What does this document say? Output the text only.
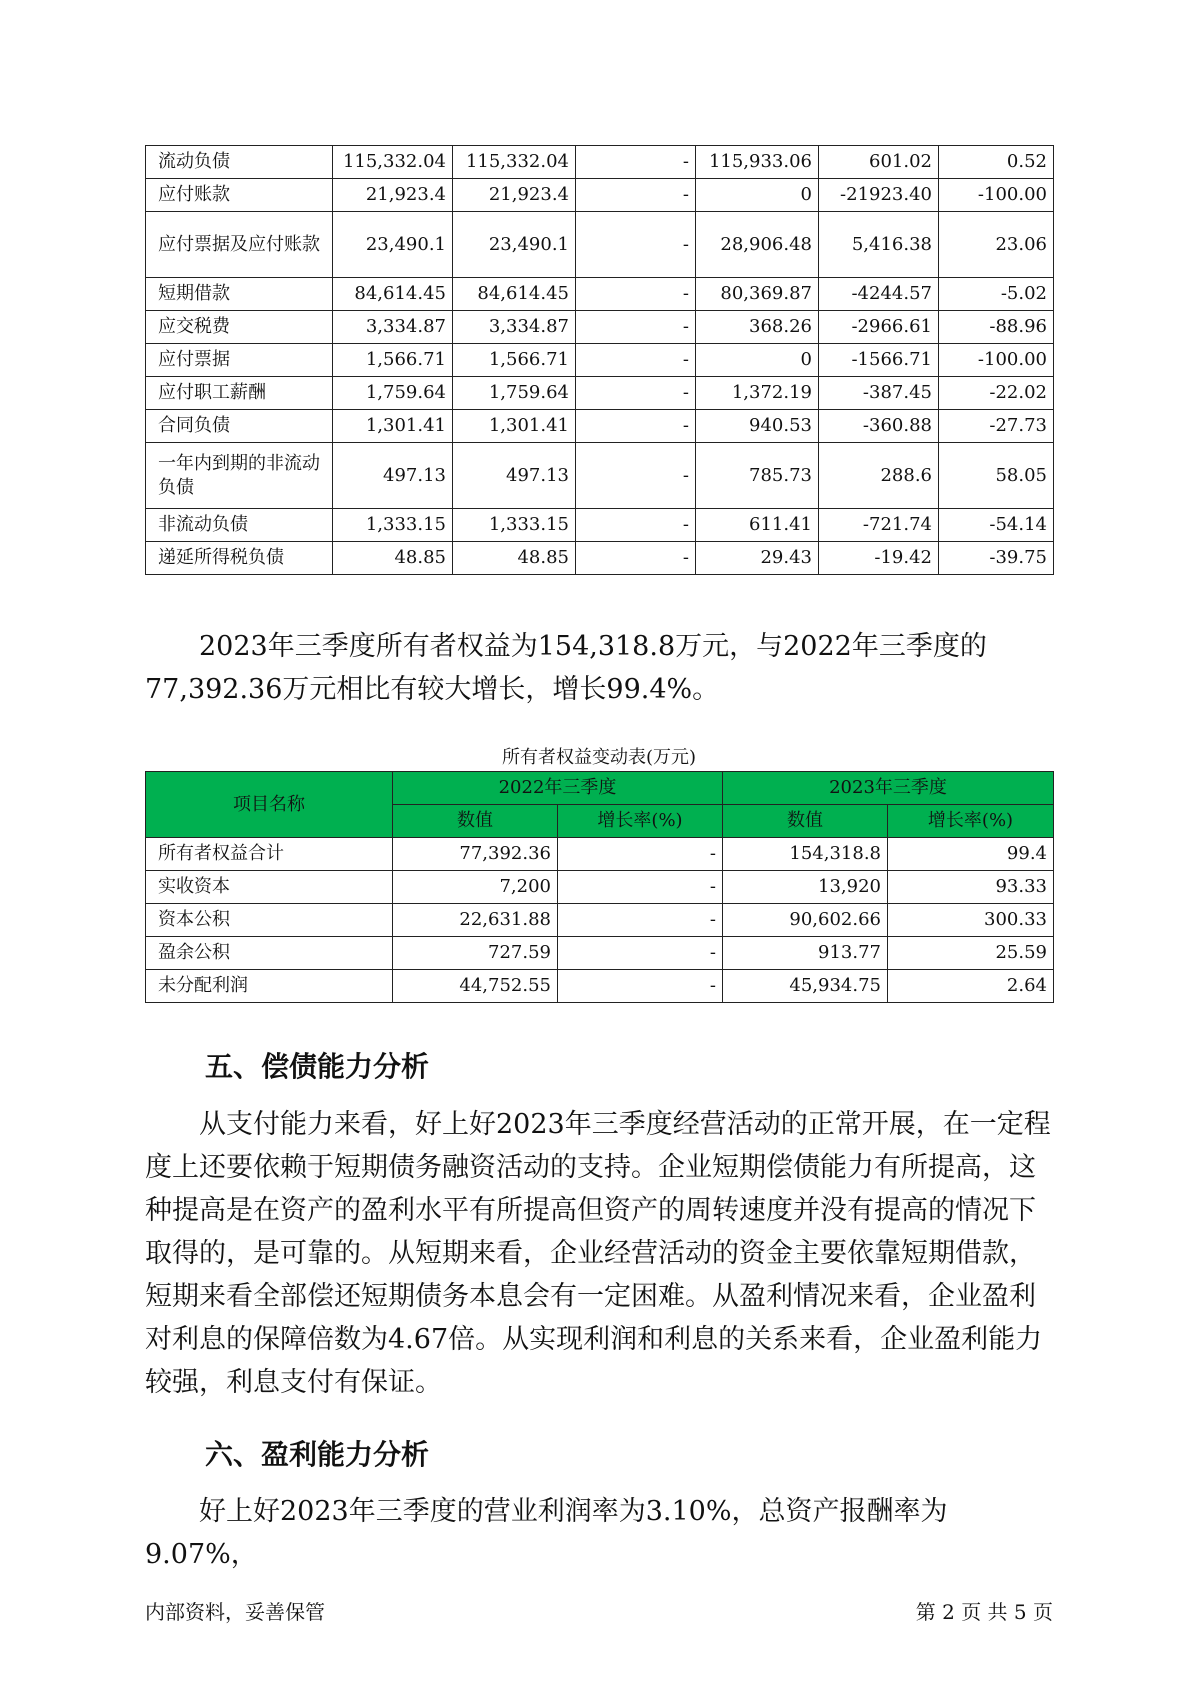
流动负债	115,332.04	115,332.04	-	115,933.06	601.02	0.52
应付账款	21,923.4	21,923.4	-	0	-21923.40	-100.00
应付票据及应付账款	23,490.1	23,490.1	-	28,906.48	5,416.38	23.06
短期借款	84,614.45	84,614.45	-	80,369.87	-4244.57	-5.02
应交税费	3,334.87	3,334.87	-	368.26	-2966.61	-88.96
应付票据	1,566.71	1,566.71	-	0	-1566.71	-100.00
应付职工薪酬	1,759.64	1,759.64	-	1,372.19	-387.45	-22.02
合同负债	1,301.41	1,301.41	-	940.53	-360.88	-27.73
一年内到期的非流动负债	497.13	497.13	-	785.73	288.6	58.05
非流动负债	1,333.15	1,333.15	-	611.41	-721.74	-54.14
递延所得税负债	48.85	48.85	-	29.43	-19.42	-39.75

2023年三季度所有者权益为154,318.8万元，与2022年三季度的77,392.36万元相比有较大增长，增长99.4%。

所有者权益变动表(万元)
项目名称	2022年三季度		2023年三季度	
	数值	增长率(%)	数值	增长率(%)
所有者权益合计	77,392.36	-	154,318.8	99.4
实收资本	7,200	-	13,920	93.33
资本公积	22,631.88	-	90,602.66	300.33
盈余公积	727.59	-	913.77	25.59
未分配利润	44,752.55	-	45,934.75	2.64
五、偿债能力分析

从支付能力来看，好上好2023年三季度经营活动的正常开展，在一定程度上还要依赖于短期债务融资活动的支持。企业短期偿债能力有所提高，这种提高是在资产的盈利水平有所提高但资产的周转速度并没有提高的情况下取得的，是可靠的。从短期来看，企业经营活动的资金主要依靠短期借款，短期来看全部偿还短期债务本息会有一定困难。从盈利情况来看，企业盈利对利息的保障倍数为4.67倍。从实现利润和利息的关系来看，企业盈利能力较强，利息支付有保证。

六、盈利能力分析

好上好2023年三季度的营业利润率为3.10%，总资产报酬率为9.07%，

内部资料，妥善保管	第 2 页 共 5 页
